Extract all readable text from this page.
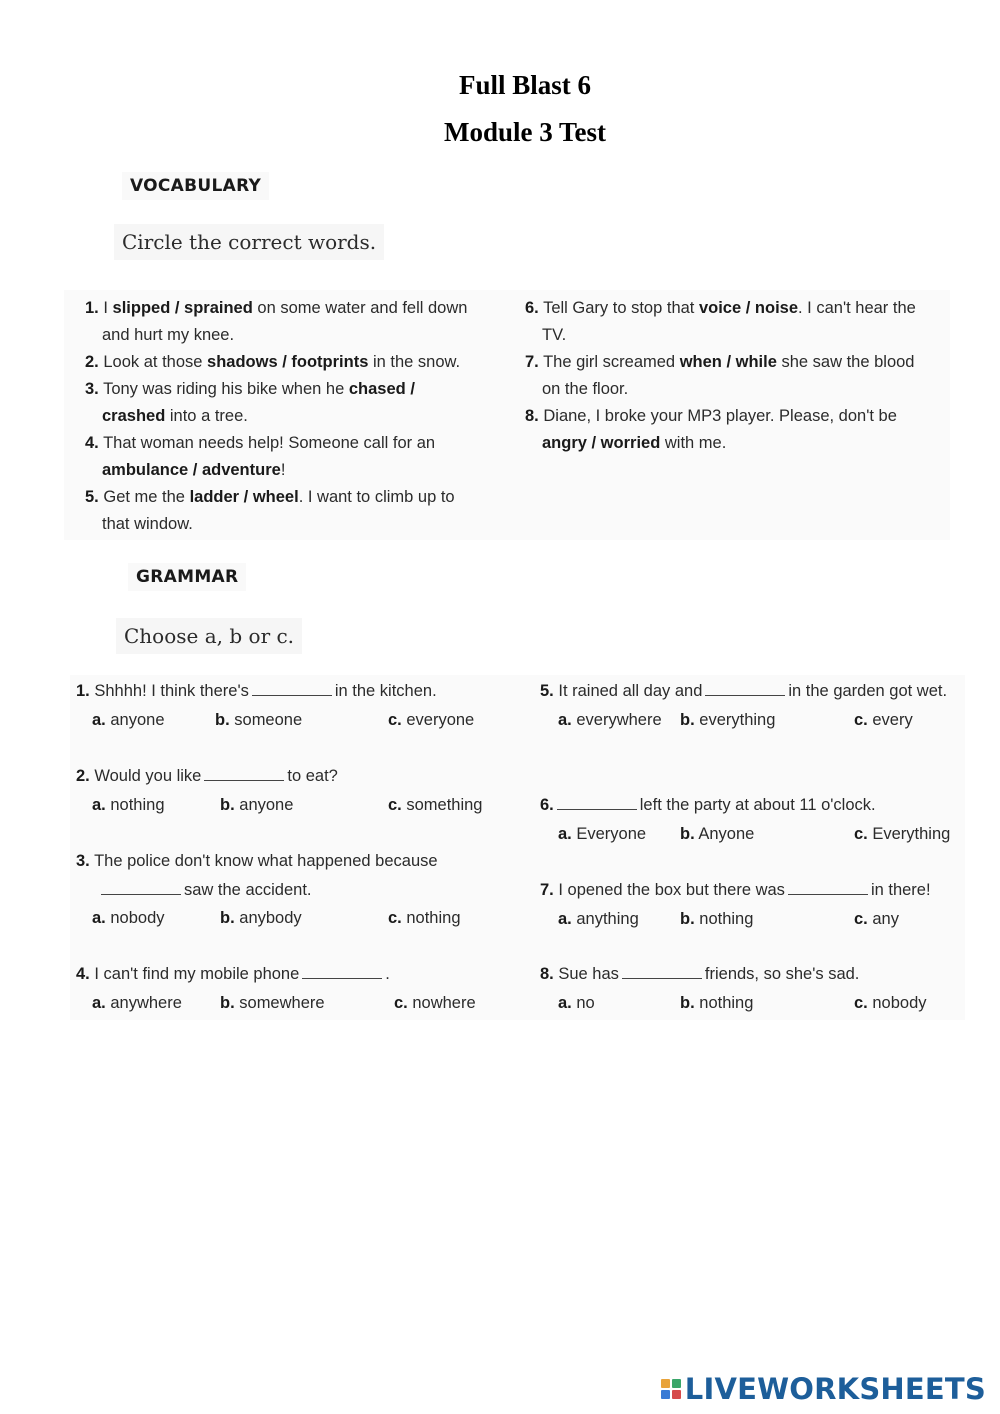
Full Blast 6
Module 3 Test
VOCABULARY
Circle the correct words.
1. I slipped / sprained on some water and fell down and hurt my knee.
2. Look at those shadows / footprints in the snow.
3. Tony was riding his bike when he chased / crashed into a tree.
4. That woman needs help! Someone call for an ambulance / adventure!
5. Get me the ladder / wheel. I want to climb up to that window.
6. Tell Gary to stop that voice / noise. I can't hear the TV.
7. The girl screamed when / while she saw the blood on the floor.
8. Diane, I broke your MP3 player. Please, don't be angry / worried with me.
GRAMMAR
Choose a, b or c.
1. Shhhh! I think there's	in the kitchen.
a. anyone	b. someone	c. everyone
2. Would you like	to eat?
a. nothing	b. anyone	c. something
3. The police don't know what happened because
saw the accident.
a. nobody	b. anybody	c. nothing
4. I can't find my mobile phone	.
a. anywhere b. somewhere	c. nowhere
5. It rained all day and	in the garden got wet.
a. everywhere b. everything	c. every
6.	left the party at about 11 o'clock.
a. Everyone b. Anyone	c. Everything
7. I opened the box but there was	in there!
a. anything	b. nothing	c. any
8. Sue has	friends, so she's sad.
a. no	b. nothing	c. nobody
LIVEWORKSHEETS
